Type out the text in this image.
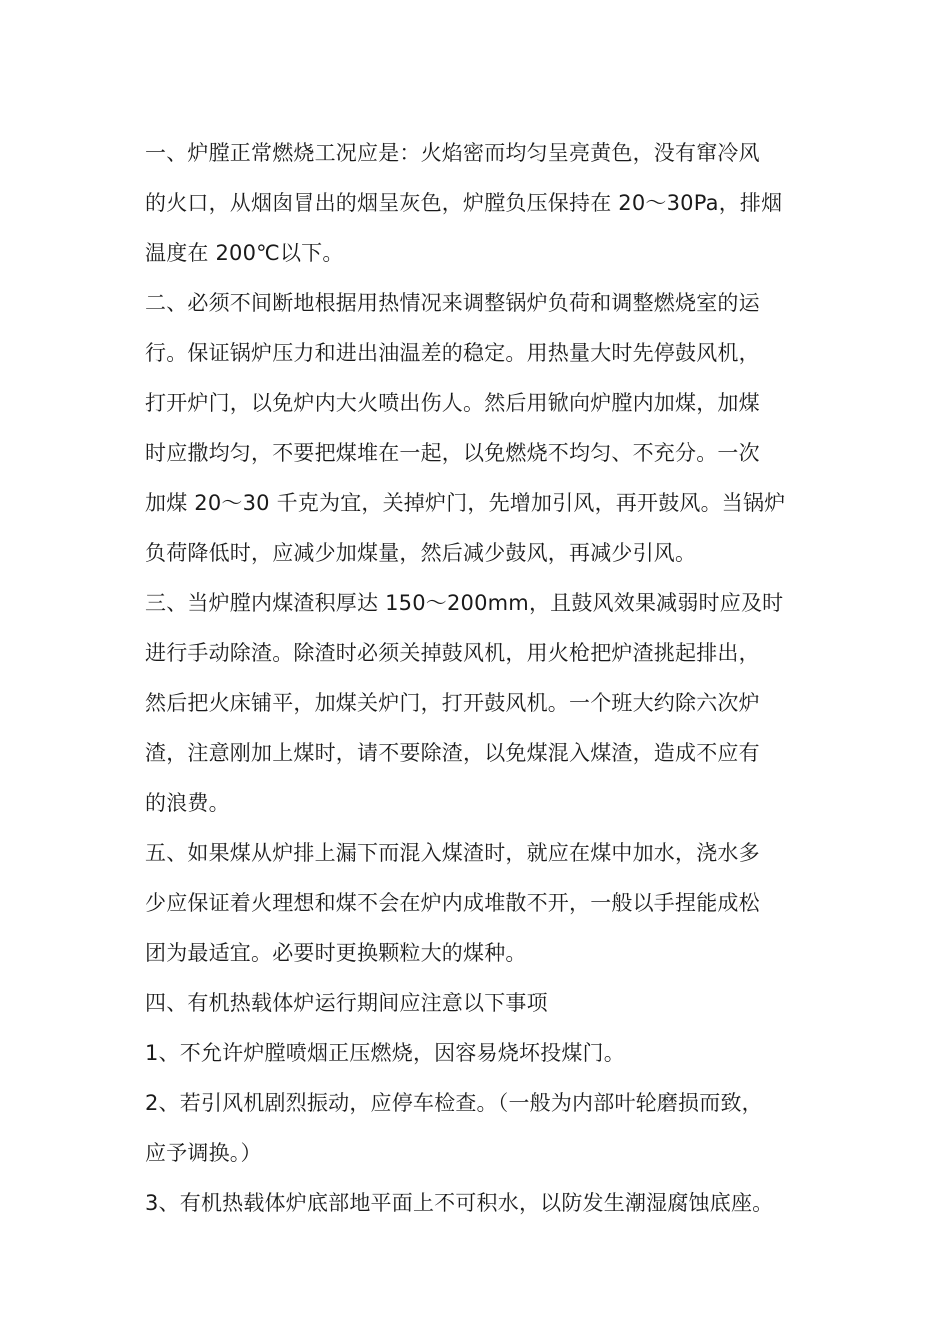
一、炉膛正常燃烧工况应是：火焰密而均匀呈亮黄色，没有窜冷风
的火口，从烟囱冒出的烟呈灰色，炉膛负压保持在 20～30Pa，排烟
温度在 200℃以下。

二、必须不间断地根据用热情况来调整锅炉负荷和调整燃烧室的运
行。保证锅炉压力和进出油温差的稳定。用热量大时先停鼓风机，
打开炉门，以免炉内大火喷出伤人。然后用锨向炉膛内加煤，加煤
时应撒均匀，不要把煤堆在一起，以免燃烧不均匀、不充分。一次
加煤 20～30 千克为宜，关掉炉门，先增加引风，再开鼓风。当锅炉
负荷降低时，应减少加煤量，然后减少鼓风，再减少引风。

三、当炉膛内煤渣积厚达 150～200mm，且鼓风效果减弱时应及时
进行手动除渣。除渣时必须关掉鼓风机，用火枪把炉渣挑起排出，
然后把火床铺平，加煤关炉门，打开鼓风机。一个班大约除六次炉
渣，注意刚加上煤时，请不要除渣，以免煤混入煤渣，造成不应有
的浪费。

五、如果煤从炉排上漏下而混入煤渣时，就应在煤中加水，浇水多
少应保证着火理想和煤不会在炉内成堆散不开，一般以手捏能成松
团为最适宜。必要时更换颗粒大的煤种。

四、有机热载体炉运行期间应注意以下事项

1、不允许炉膛喷烟正压燃烧，因容易烧坏投煤门。

2、若引风机剧烈振动，应停车检查。（一般为内部叶轮磨损而致，
应予调换。）

3、有机热载体炉底部地平面上不可积水，以防发生潮湿腐蚀底座。
